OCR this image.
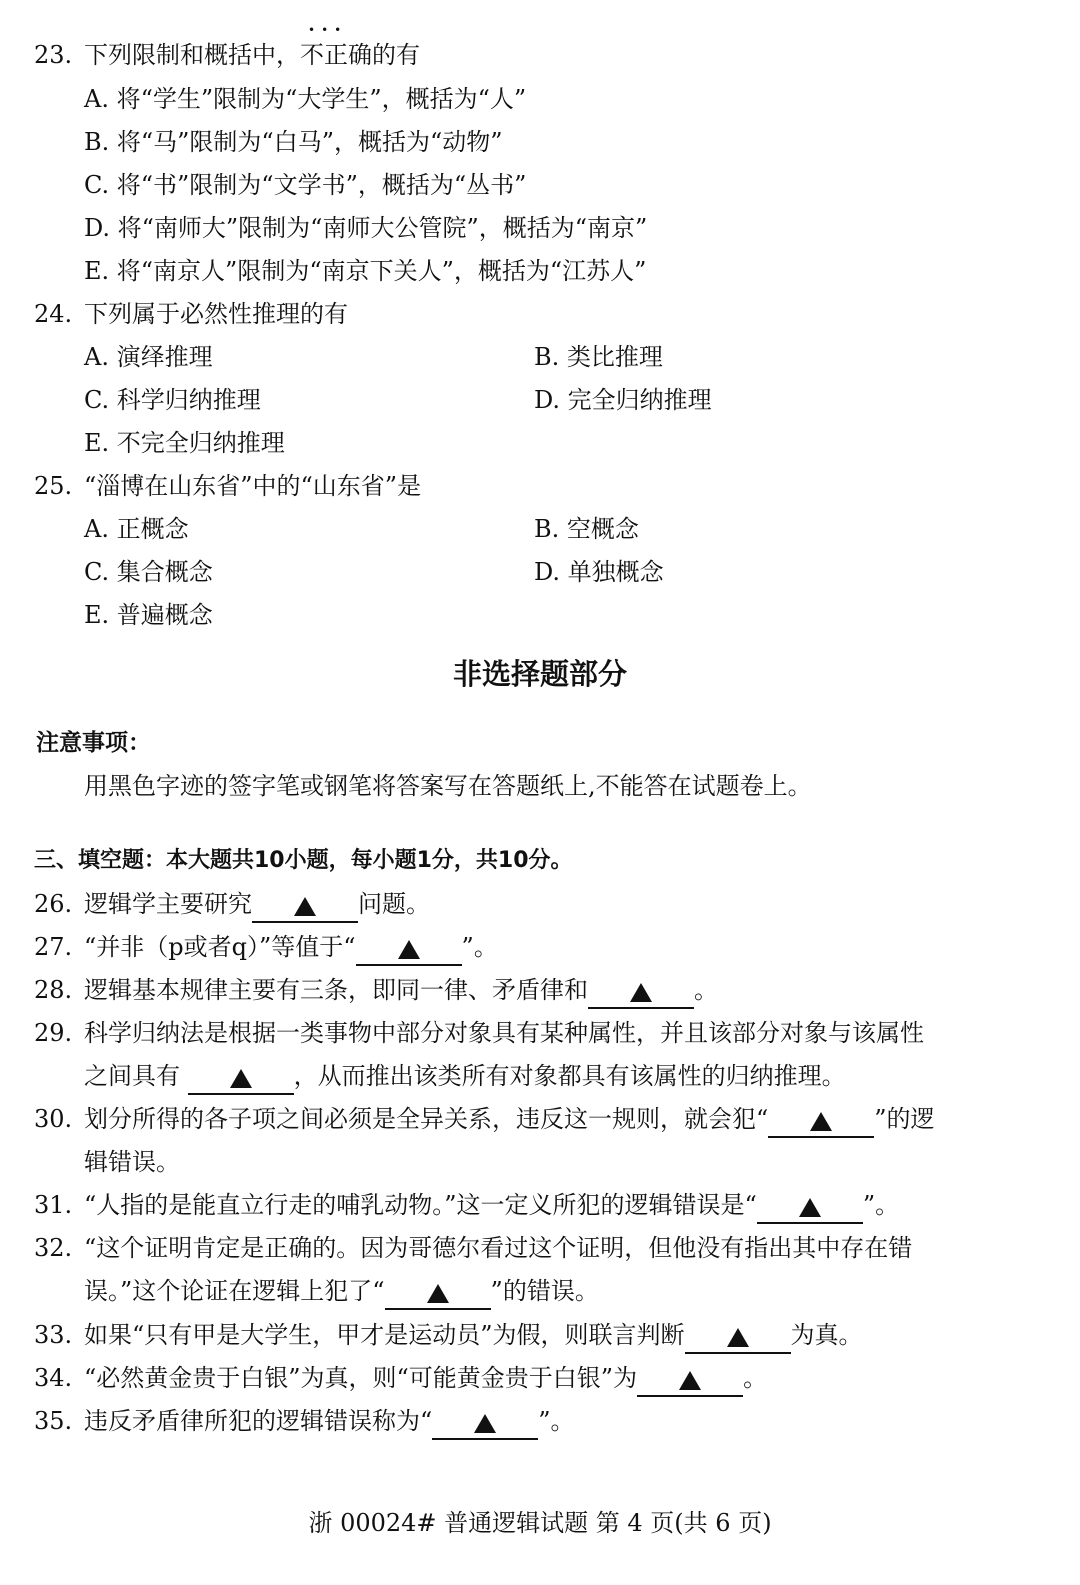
23. 下列限制和概括中，• • • 不正确的有
A. 将“学生”限制为“大学生”，概括为“人”
B. 将“马”限制为“白马”，概括为“动物”
C. 将“书”限制为“文学书”，概括为“丛书”
D. 将“南师大”限制为“南师大公管院”，概括为“南京”
E. 将“南京人”限制为“南京下关人”，概括为“江苏人”
24. 下列属于必然性推理的有
A. 演绎推理	B. 类比推理
C. 科学归纳推理	D. 完全归纳推理
E. 不完全归纳推理
25. “淄博在山东省”中的“山东省”是
A. 正概念	B. 空概念
C. 集合概念	D. 单独概念
E. 普遍概念
非选择题部分
注意事项：
用黑色字迹的签字笔或钢笔将答案写在答题纸上,不能答在试题卷上。
三、填空题：本大题共10小题，每小题1分，共10分。
26. 逻辑学主要研究	问题。
27. “并非（p或者q）”等值于“	”。
28. 逻辑基本规律主要有三条，即同一律、矛盾律和	。
29. 科学归纳法是根据一类事物中部分对象具有某种属性，并且该部分对象与该属性
之间具有	，从而推出该类所有对象都具有该属性的归纳推理。
30. 划分所得的各子项之间必须是全异关系，违反这一规则，就会犯“	”的逻
辑错误。
31. “人指的是能直立行走的哺乳动物。”这一定义所犯的逻辑错误是“	”。
32. “这个证明肯定是正确的。因为哥德尔看过这个证明，但他没有指出其中存在错
误。”这个论证在逻辑上犯了“	”的错误。
33. 如果“只有甲是大学生，甲才是运动员”为假，则联言判断	为真。
34. “必然黄金贵于白银”为真，则“可能黄金贵于白银”为	。
35. 违反矛盾律所犯的逻辑错误称为“	”。
浙 00024# 普通逻辑试题 第 4 页(共 6 页)
